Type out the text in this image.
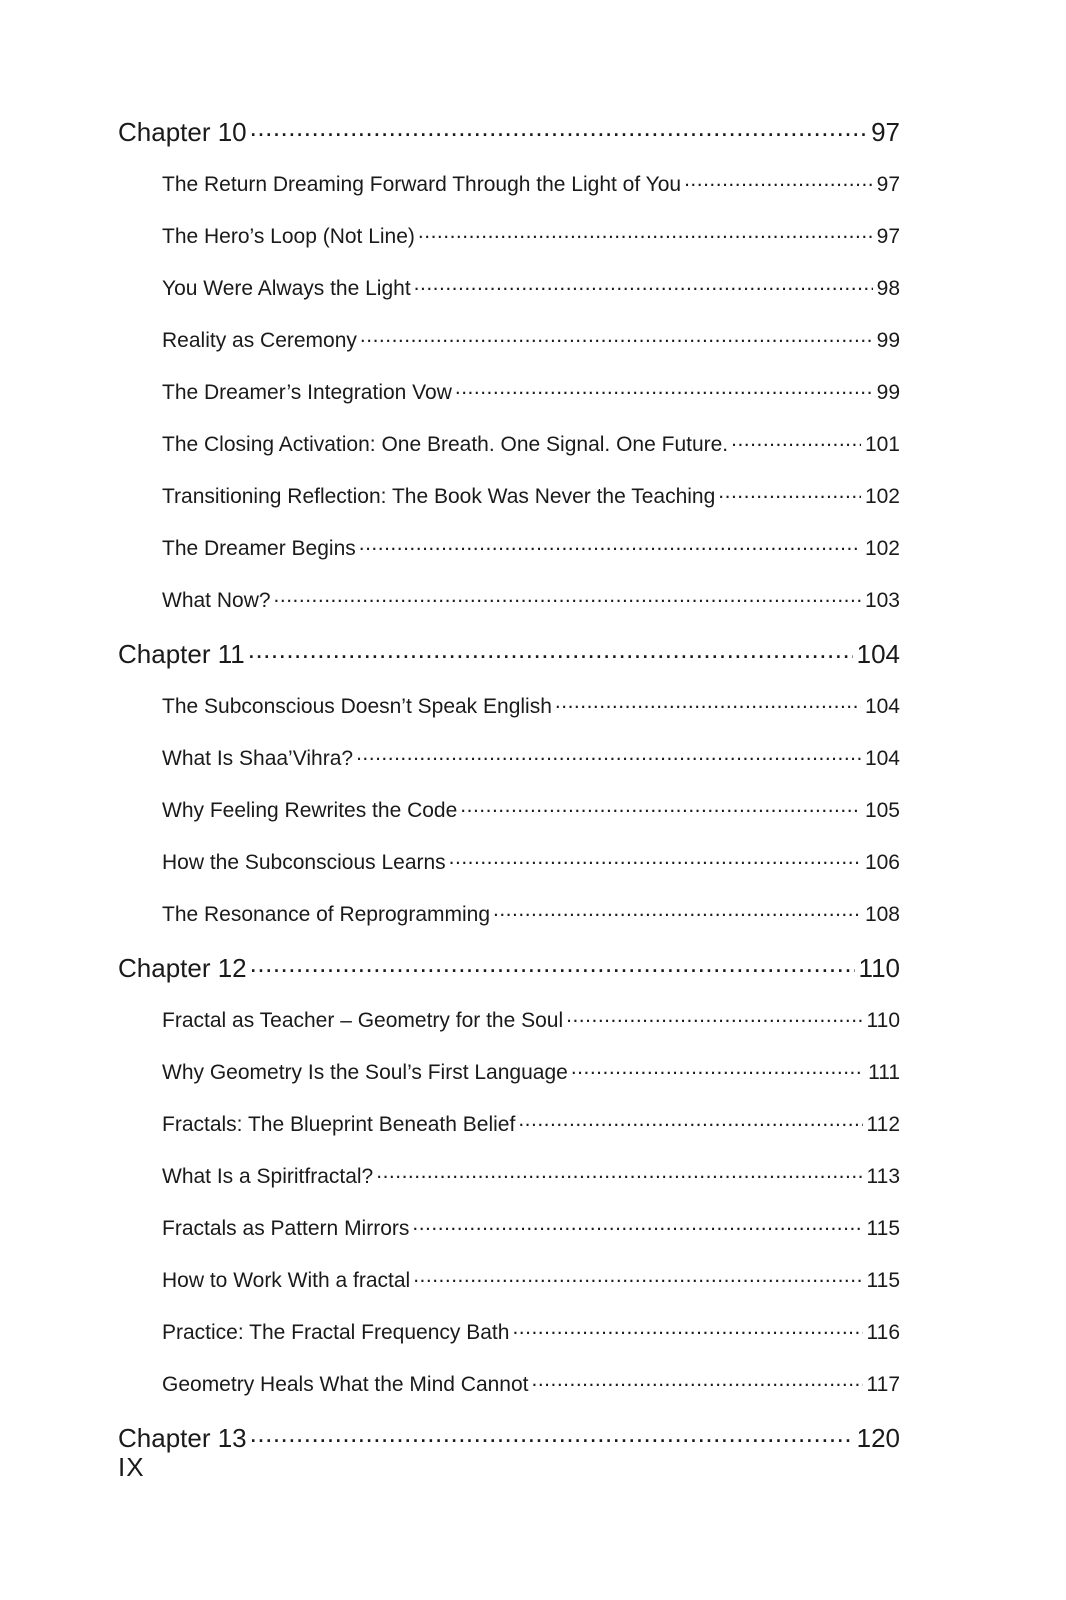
Chapter 10 .....	97
The Return Dreaming Forward Through the Light of You .....	97
The Hero’s Loop (Not Line) .....	97
You Were Always the Light .....	98
Reality as Ceremony .....	99
The Dreamer’s Integration Vow .....	99
The Closing Activation: One Breath. One Signal. One Future. .....	101
Transitioning Reflection: The Book Was Never the Teaching .....	102
The Dreamer Begins .....	102
What Now? .....	103
Chapter 11 .....	104
The Subconscious Doesn’t Speak English .....	104
What Is Shaa’Vihra? .....	104
Why Feeling Rewrites the Code .....	105
How the Subconscious Learns .....	106
The Resonance of Reprogramming .....	108
Chapter 12 .....	110
Fractal as Teacher – Geometry for the Soul .....	110
Why Geometry Is the Soul’s First Language .....	111
Fractals: The Blueprint Beneath Belief .....	112
What Is a Spiritfractal? .....	113
Fractals as Pattern Mirrors .....	115
How to Work With a fractal .....	115
Practice: The Fractal Frequency Bath .....	116
Geometry Heals What the Mind Cannot .....	117
Chapter 13 .....	120
IX
